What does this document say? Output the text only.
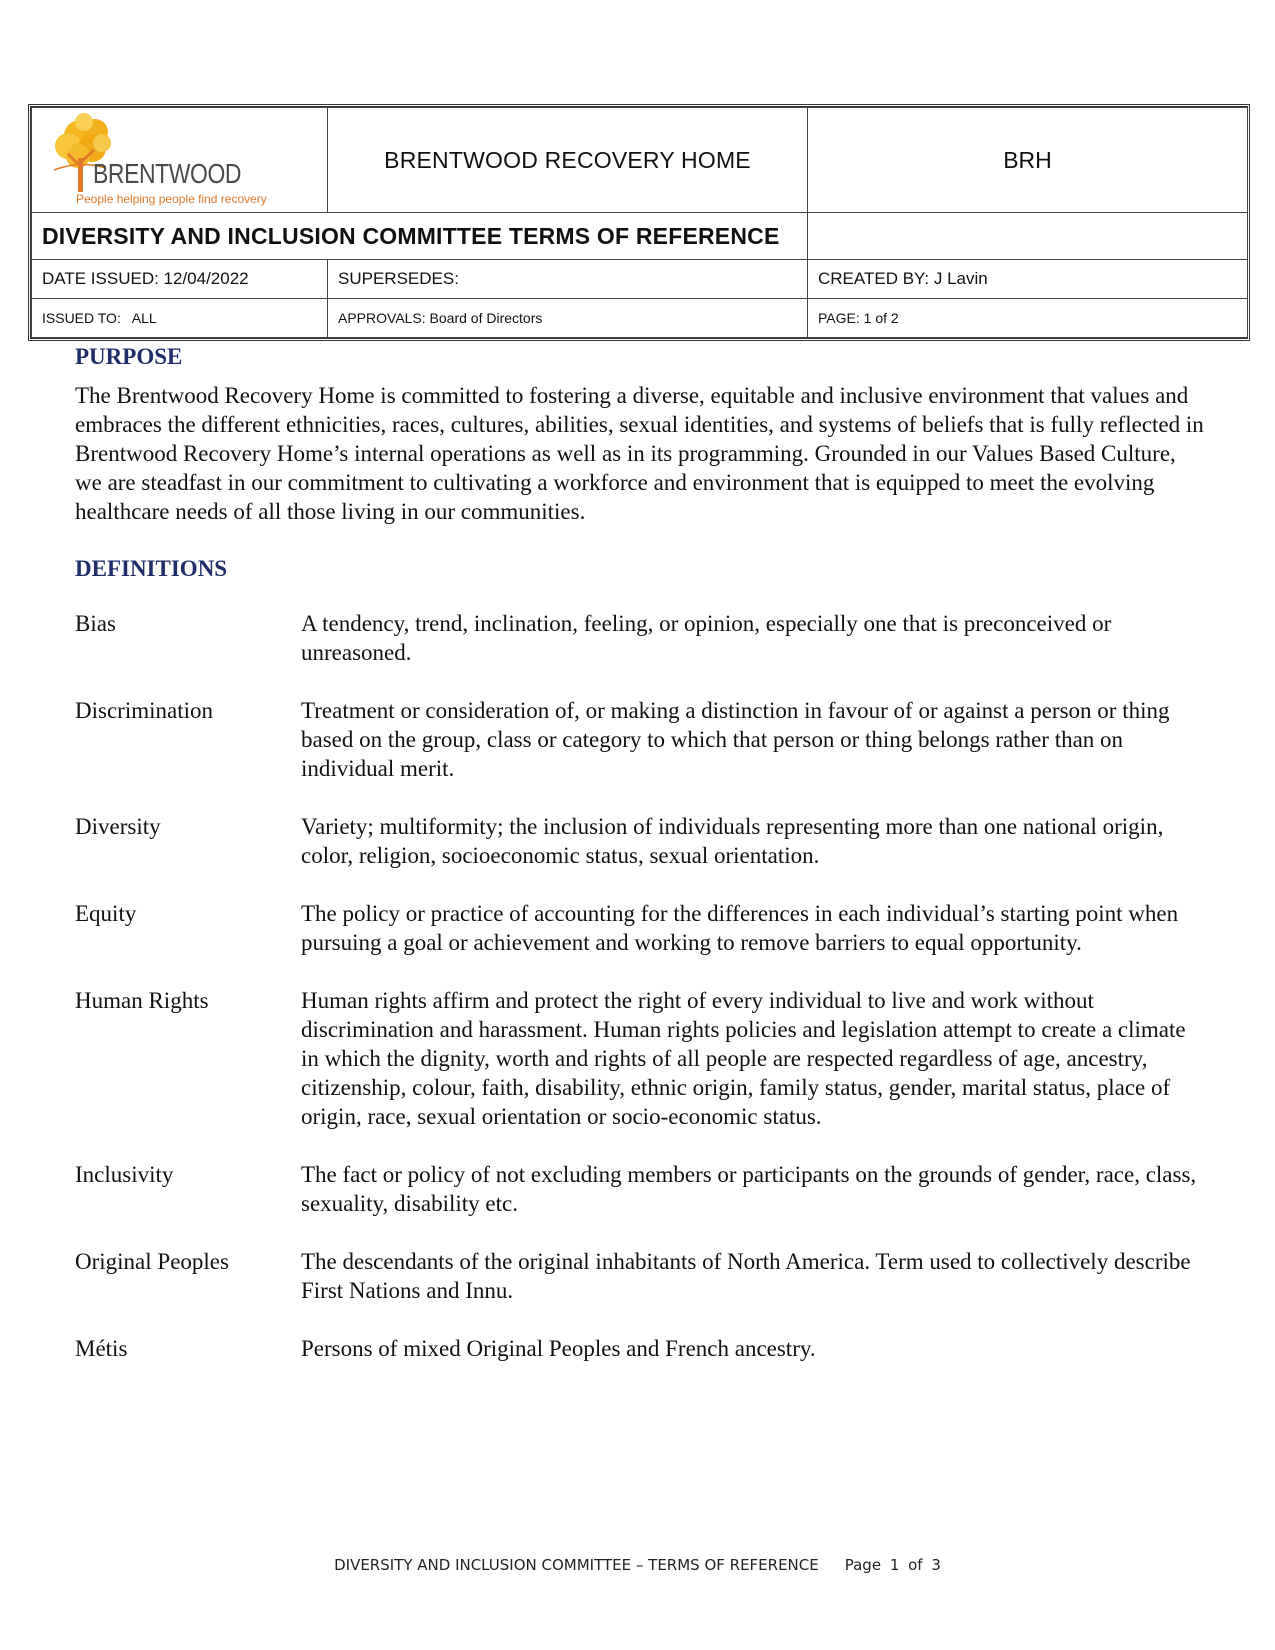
BRENTWOOD
People helping people find recovery	BRENTWOOD RECOVERY HOME	BRH
DIVERSITY AND INCLUSION COMMITTEE TERMS OF REFERENCE		
DATE ISSUED: 12/04/2022	SUPERSEDES:	CREATED BY: J Lavin
ISSUED TO:   ALL	APPROVALS: Board of Directors	PAGE: 1 of 2
PURPOSE

The Brentwood Recovery Home is committed to fostering a diverse, equitable and inclusive environment that values and embraces the different ethnicities, races, cultures, abilities, sexual identities, and systems of beliefs that is fully reflected in Brentwood Recovery Home’s internal operations as well as in its programming. Grounded in our Values Based Culture, we are steadfast in our commitment to cultivating a workforce and environment that is equipped to meet the evolving healthcare needs of all those living in our communities.

DEFINITIONS
Bias	A tendency, trend, inclination, feeling, or opinion, especially one that is preconceived or unreasoned.
Discrimination	Treatment or consideration of, or making a distinction in favour of or against a person or thing based on the group, class or category to which that person or thing belongs rather than on individual merit.
Diversity	Variety; multiformity; the inclusion of individuals representing more than one national origin, color, religion, socioeconomic status, sexual orientation.
Equity	The policy or practice of accounting for the differences in each individual’s starting point when pursuing a goal or achievement and working to remove barriers to equal opportunity.
Human Rights	Human rights affirm and protect the right of every individual to live and work without discrimination and harassment. Human rights policies and legislation attempt to create a climate in which the dignity, worth and rights of all people are respected regardless of age, ancestry, citizenship, colour, faith, disability, ethnic origin, family status, gender, marital status, place of origin, race, sexual orientation or socio-economic status.
Inclusivity	The fact or policy of not excluding members or participants on the grounds of gender, race, class, sexuality, disability etc.
Original Peoples	The descendants of the original inhabitants of North America. Term used to collectively describe First Nations and Innu.
Métis	Persons of mixed Original Peoples and French ancestry.
DIVERSITY AND INCLUSION COMMITTEE – TERMS OF REFERENCE Page 1 of 3
